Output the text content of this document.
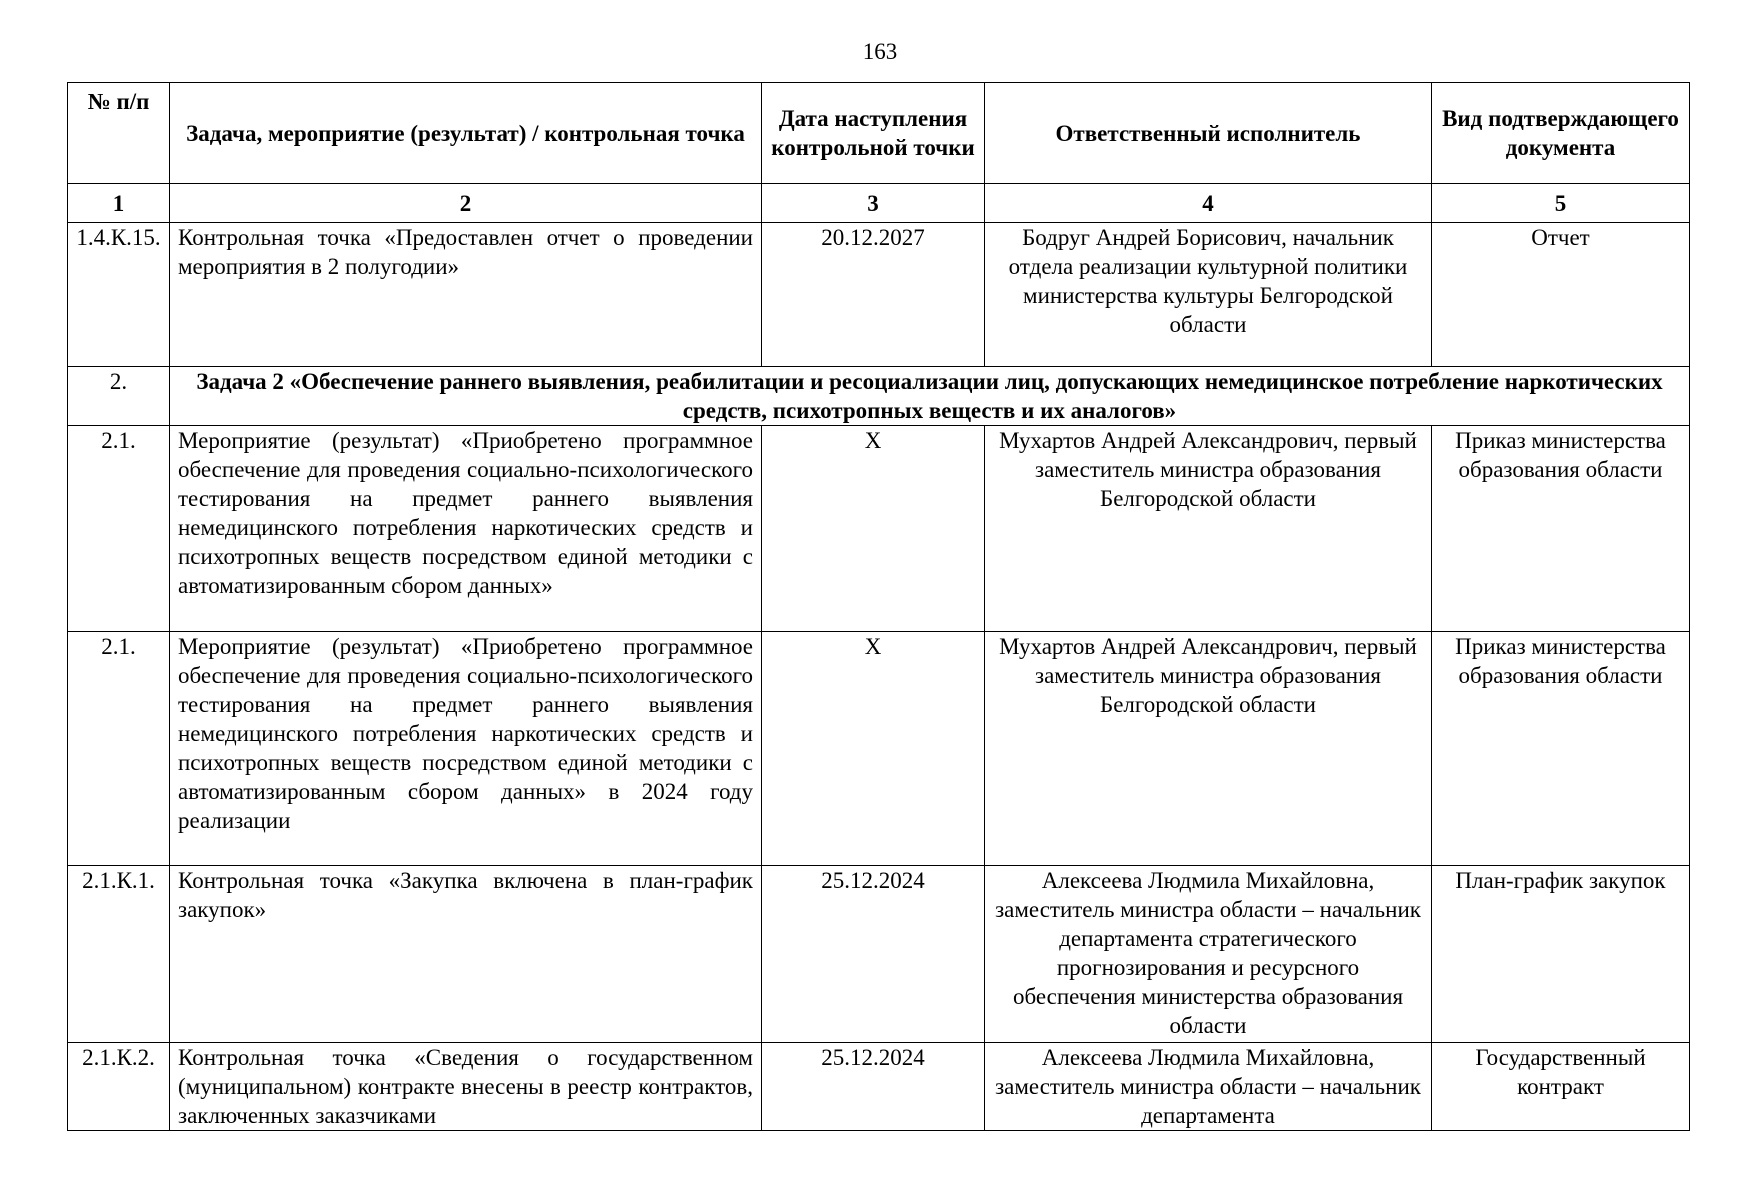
163
№ п/п	Задача, мероприятие (результат) / контрольная точка	Дата наступления контрольной точки	Ответственный исполнитель	Вид подтверждающего документа
1	2	3	4	5
1.4.К.15.	Контрольная точка «Предоставлен отчет о проведении мероприятия в 2 полугодии»	20.12.2027	Бодруг Андрей Борисович, начальник отдела реализации культурной политики министерства культуры Белгородской области	Отчет
2.	Задача 2 «Обеспечение раннего выявления, реабилитации и ресоциализации лиц, допускающих немедицинское потребление наркотических средств, психотропных веществ и их аналогов»			
2.1.	Мероприятие (результат) «Приобретено программное обеспечение для проведения социально-психологического тестирования на предмет раннего выявления немедицинского потребления наркотических средств и психотропных веществ посредством единой методики с автоматизированным сбором данных»	Х	Мухартов Андрей Александрович, первый заместитель министра образования Белгородской области	Приказ министерства образования области
2.1.	Мероприятие (результат) «Приобретено программное обеспечение для проведения социально-психологического тестирования на предмет раннего выявления немедицинского потребления наркотических средств и психотропных веществ посредством единой методики с автоматизированным сбором данных» в 2024 году реализации	Х	Мухартов Андрей Александрович, первый заместитель министра образования Белгородской области	Приказ министерства образования области
2.1.К.1.	Контрольная точка «Закупка включена в план-график закупок»	25.12.2024	Алексеева Людмила Михайловна, заместитель министра области – начальник департамента стратегического прогнозирования и ресурсного обеспечения министерства образования области	План-график закупок
2.1.К.2.	Контрольная точка «Сведения о государственном (муниципальном) контракте внесены в реестр контрактов, заключенных заказчиками	25.12.2024	Алексеева Людмила Михайловна, заместитель министра области – начальник департамента	Государственный контракт
